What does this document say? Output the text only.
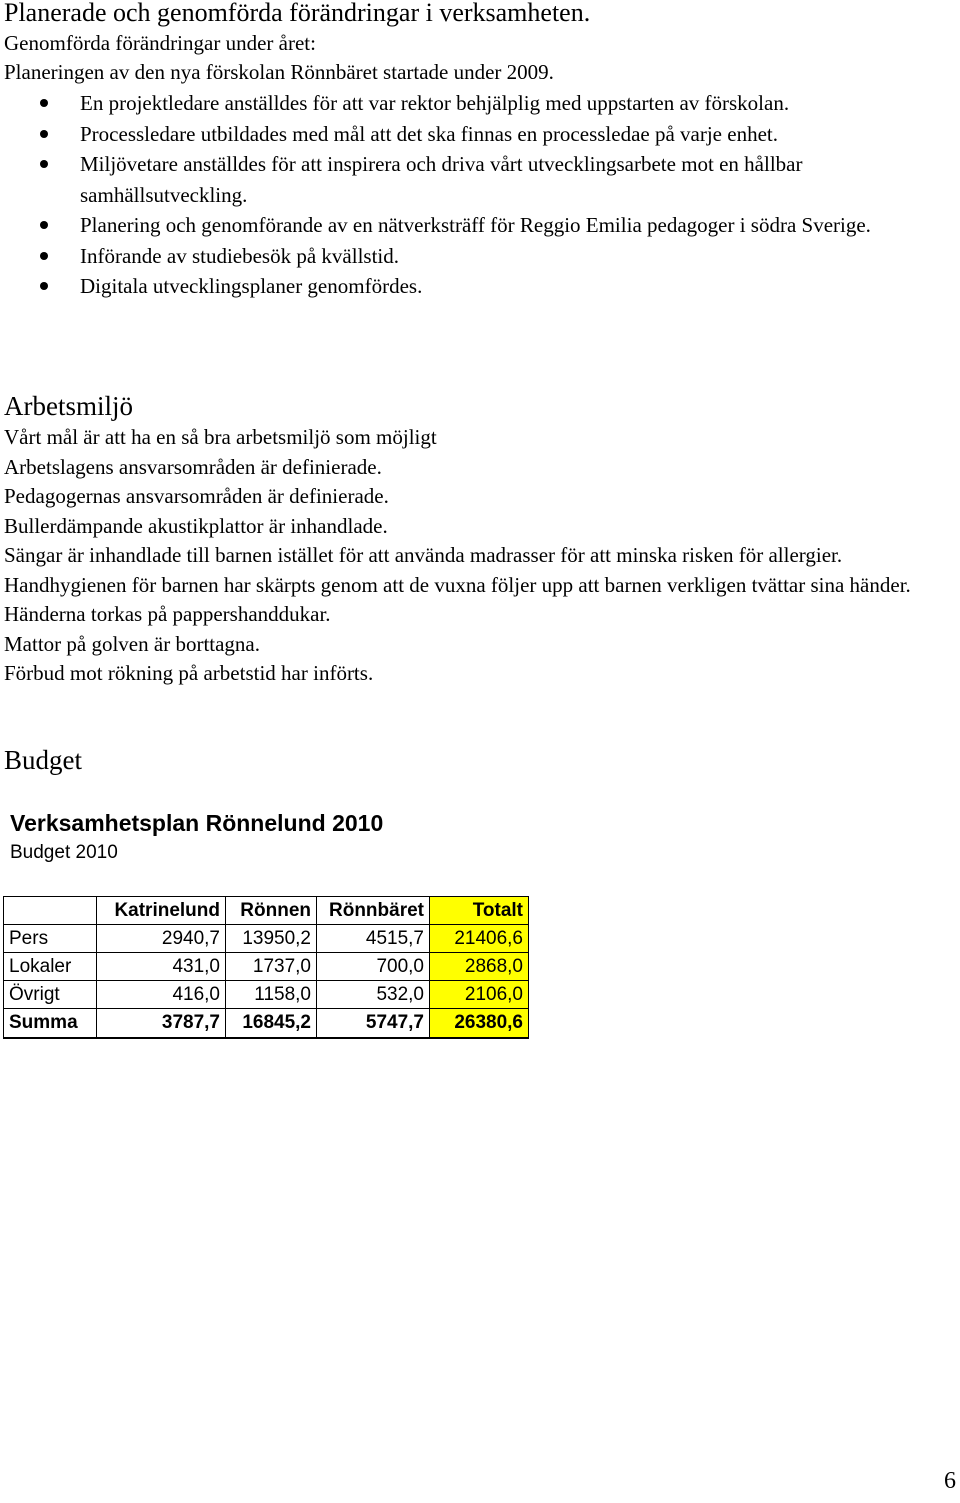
Planerade och genomförda förändringar i verksamheten.
Genomförda förändringar under året:
Planeringen av den nya förskolan Rönnbäret startade under 2009.
En projektledare anställdes för att var rektor behjälplig med uppstarten av förskolan.
Processledare utbildades med mål att det ska finnas en processledae på varje enhet.
Miljövetare anställdes för att inspirera och driva vårt utvecklingsarbete mot en hållbar samhällsutveckling.
Planering och genomförande av en nätverksträff för Reggio Emilia pedagoger i södra Sverige.
Införande av studiebesök på kvällstid.
Digitala utvecklingsplaner genomfördes.
Arbetsmiljö

Vårt mål är att ha en så bra arbetsmiljö som möjligt

Arbetslagens ansvarsområden är definierade.

Pedagogernas ansvarsområden är definierade.

Bullerdämpande akustikplattor är inhandlade.

Sängar är inhandlade till barnen istället för att använda madrasser för att minska risken för allergier.

Handhygienen för barnen har skärpts genom att de vuxna följer upp att barnen verkligen tvättar sina händer. Händerna torkas på pappershanddukar.

Mattor på golven är borttagna.

Förbud mot rökning på arbetstid har införts.

Budget
Verksamhetsplan Rönnelund 2010
Budget 2010
	Katrinelund	Rönnen	Rönnbäret	Totalt
Pers	2940,7	13950,2	4515,7	21406,6
Lokaler	431,0	1737,0	700,0	2868,0
Övrigt	416,0	1158,0	532,0	2106,0
Summa	3787,7	16845,2	5747,7	26380,6
6
